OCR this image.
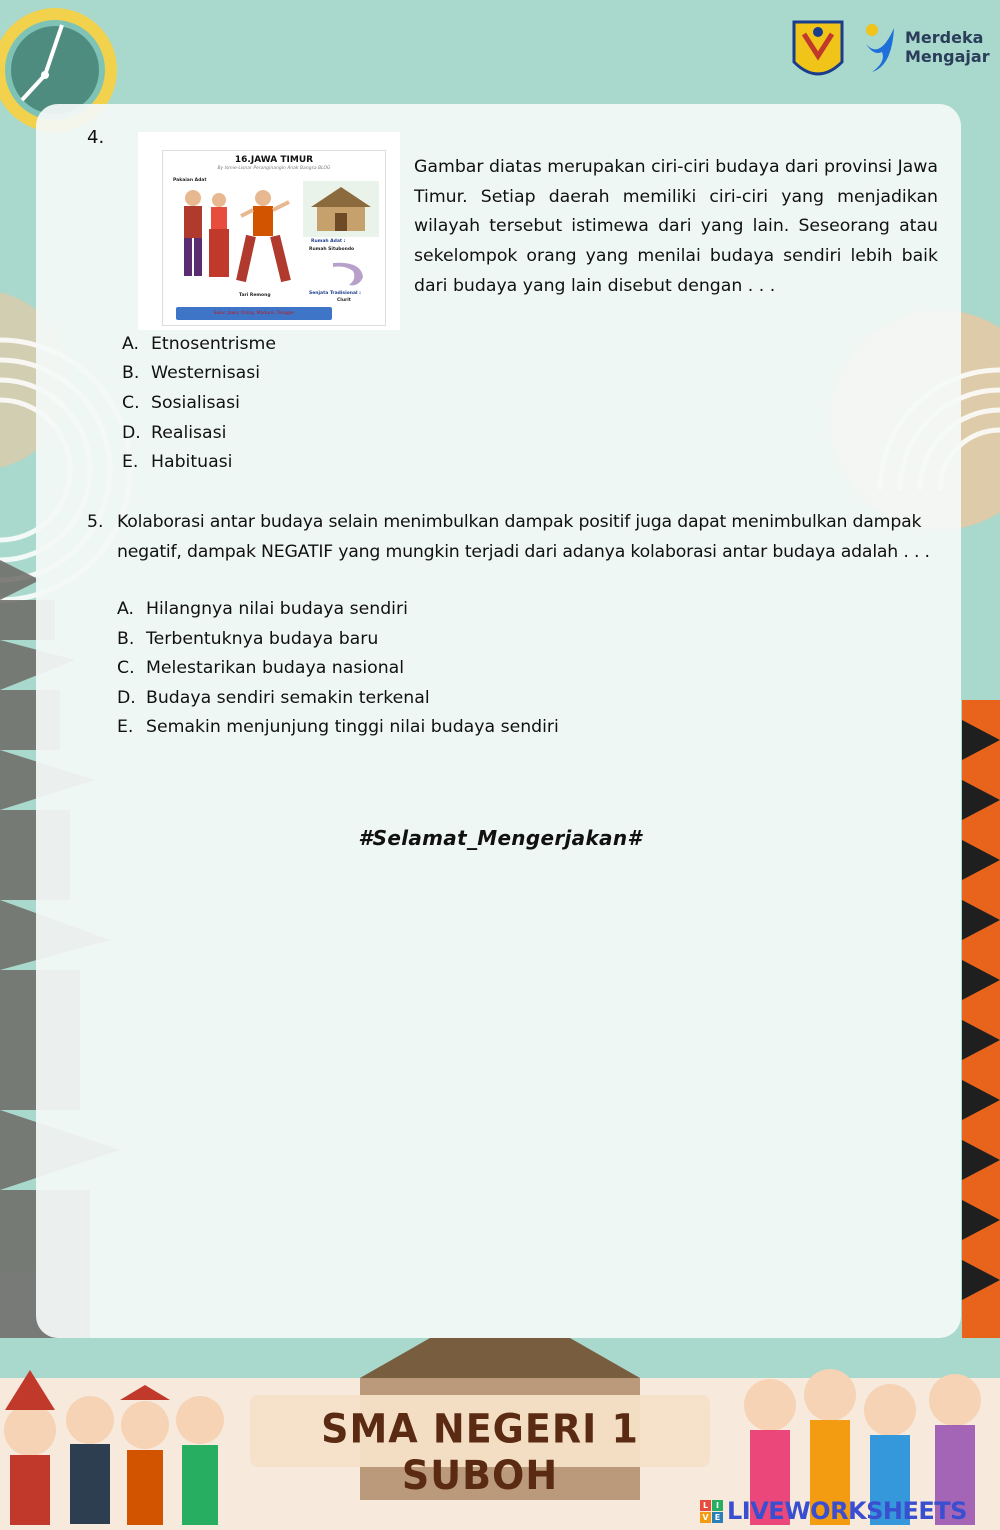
Merdeka
Mengajar
4.
16.JAWA TIMUR
By Ismie-Lisnar Peranginangin Anak Bangsa BLOG
Pakaian Adat
Rumah Adat :
Rumah Situbondo
Tari Remong	Senjata Tradisional :
Clurit
Suku: Jawa, Osing, Madura, Tengger
Gambar diatas merupakan ciri-ciri budaya dari provinsi Jawa Timur. Setiap daerah memiliki ciri-ciri yang menjadikan wilayah tersebut istimewa dari yang lain. Seseorang atau sekelompok orang yang menilai budaya sendiri lebih baik dari budaya yang lain disebut dengan . . .
A. Etnosentrisme
B. Westernisasi
C. Sosialisasi
D. Realisasi
E. Habituasi
5. Kolaborasi antar budaya selain menimbulkan dampak positif juga dapat menimbulkan dampak negatif, dampak NEGATIF yang mungkin terjadi dari adanya kolaborasi antar budaya adalah . . .
A. Hilangnya nilai budaya sendiri
B. Terbentuknya budaya baru
C. Melestarikan budaya nasional
D. Budaya sendiri semakin terkenal
E. Semakin menjunjung tinggi nilai budaya sendiri
#Selamat_Mengerjakan#
SMA NEGERI 1 SUBOH
L I
V E LIVEWORKSHEETS
